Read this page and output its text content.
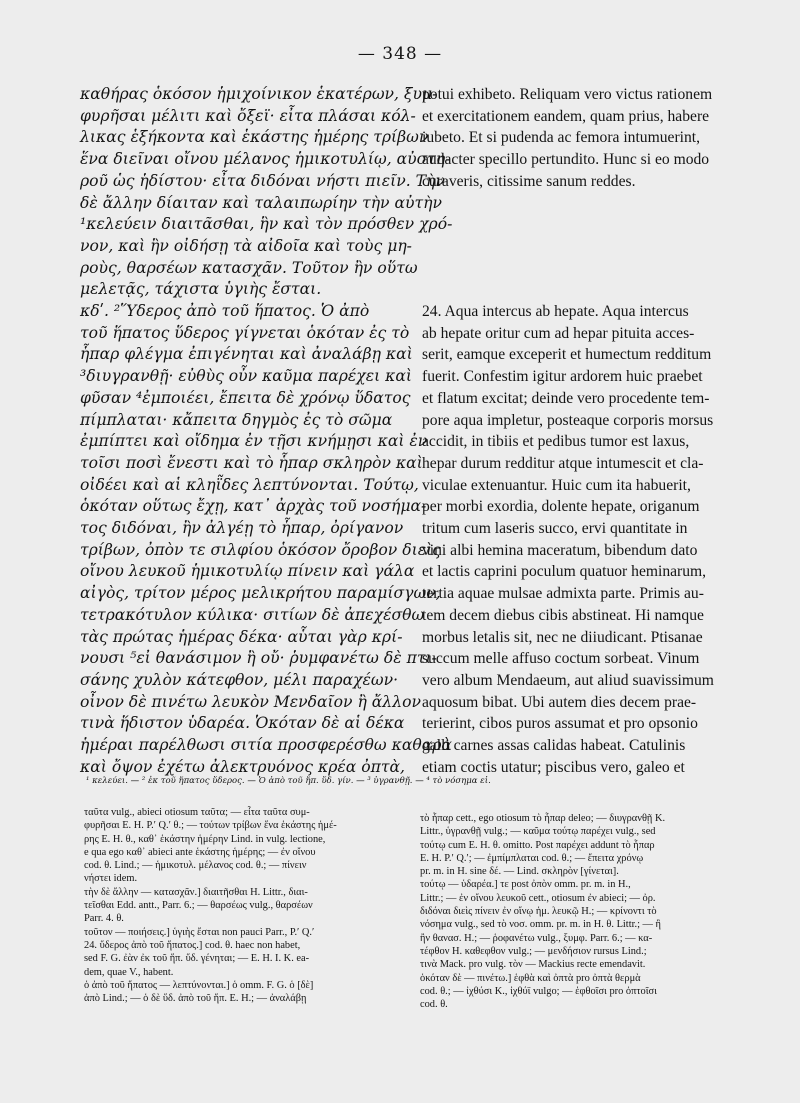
— 348 —
καθήρας ὁκόσον ἡμιχοίνικον ἑκατέρων, ξυμ-
φυρῆσαι μέλιτι καὶ ὄξεϊ· εἶτα πλάσαι κόλ-
λικας ἑξήκοντα καὶ ἑκάστης ἡμέρης τρίβων
ἕνα διεῖναι οἴνου μέλανος ἡμικοτυλίῳ, αὐστη-
ροῦ ὡς ἡδίστου· εἶτα διδόναι νήστι πιεῖν. Τὴν
δὲ ἄλλην δίαιταν καὶ ταλαιπωρίην τὴν αὐτὴν
¹κελεύειν διαιτᾶσθαι, ἣν καὶ τὸν πρόσθεν χρό-
νον, καὶ ἢν οἰδήσῃ τὰ αἰδοῖα καὶ τοὺς μη-
ροὺς, θαρσέων κατασχᾶν. Τοῦτον ἢν οὕτω
μελετᾷς, τάχιστα ὑγιὴς ἔσται.
κδʹ. ²Ὕδερος ἀπὸ τοῦ ἥπατος. Ὁ ἀπὸ
τοῦ ἥπατος ὕδερος γίγνεται ὁκόταν ἐς τὸ
ἧπαρ φλέγμα ἐπιγένηται καὶ ἀναλάβῃ καὶ
³διυγρανθῇ· εὐθὺς οὖν καῦμα παρέχει καὶ
φῦσαν ⁴ἐμποιέει, ἔπειτα δὲ χρόνῳ ὕδατος
πίμπλαται· κἄπειτα δηγμὸς ἐς τὸ σῶμα
ἐμπίπτει καὶ οἴδημα ἐν τῇσι κνήμῃσι καὶ ἐν
τοῖσι ποσὶ ἔνεστι καὶ τὸ ἧπαρ σκληρὸν καὶ
οἰδέει καὶ αἱ κληῗδες λεπτύνονται. Τούτῳ,
ὁκόταν οὕτως ἔχῃ, κατ᾽ ἀρχὰς τοῦ νοσήμα-
τος διδόναι, ἢν ἀλγέῃ τὸ ἧπαρ, ὀρίγανον
τρίβων, ὀπὸν τε σιλφίου ὁκόσον ὄροβον διεὶς
οἴνου λευκοῦ ἡμικοτυλίῳ πίνειν καὶ γάλα
αἰγὸς, τρίτον μέρος μελικρήτου παραμίσγων,
τετρακότυλον κύλικα· σιτίων δὲ ἀπεχέσθω
τὰς πρώτας ἡμέρας δέκα· αὗται γὰρ κρί-
νουσι ⁵εἰ θανάσιμον ἢ οὔ· ῥυμφανέτω δὲ πτι-
σάνης χυλὸν κάτεφθον, μέλι παραχέων·
οἶνον δὲ πινέτω λευκὸν Μενδαῖον ἢ ἄλλον
τινὰ ἥδιστον ὑδαρέα. Ὁκόταν δὲ αἱ δέκα
ἡμέραι παρέλθωσι σιτία προσφερέσθω καθαρὰ
καὶ ὄψον ἐχέτω ἀλεκτρυόνος κρέα ὀπτὰ,
potui exhibeto. Reliquam vero victus rationem
et exercitationem eandem, quam prius, habere
iubeto. Et si pudenda ac femora intumuerint,
audacter specillo pertundito. Hunc si eo modo
curaveris, citissime sanum reddes.

24. Aqua intercus ab hepate. Aqua intercus
ab hepate oritur cum ad hepar pituita acces-
serit, eamque exceperit et humectum redditum
fuerit. Confestim igitur ardorem huic praebet
et flatum excitat; deinde vero procedente tem-
pore aqua impletur, posteaque corporis morsus
accidit, in tibiis et pedibus tumor est laxus,
hepar durum redditur atque intumescit et cla-
viculae extenuantur. Huic cum ita habuerit,
per morbi exordia, dolente hepate, origanum
tritum cum laseris succo, ervi quantitate in
vini albi hemina maceratum, bibendum dato
et lactis caprini poculum quatuor heminarum,
tertia aquae mulsae admixta parte. Primis au-
tem decem diebus cibis abstineat. Hi namque
morbus letalis sit, nec ne diiudicant. Ptisanae
succum melle affuso coctum sorbeat. Vinum
vero album Mendaeum, aut aliud suavissimum
aquosum bibat. Ubi autem dies decem prae-
terierint, cibos puros assumat et pro opsonio
galli carnes assas calidas habeat. Catulinis
etiam coctis utatur; piscibus vero, galeo et
¹ κελεύει. — ² ἐκ τοῦ ἥπατος ὕδερος. — Ὁ ἀπὸ τοῦ ἥπ. ὕδ. γίν. — ³ ὑγρανθῇ. — ⁴ τὸ νόσημα εἰ.
ταῦτα vulg., abieci otiosum ταῦτα; — εἶτα ταῦτα συμ-
φυρῆσαι E. H. P.ʹ Q.ʹ θ.; — τούτων τρίβων ἕνα ἑκάστης ἡμέ-
ρης E. H. θ., καθ᾽ ἑκάστην ἡμέρην Lind. in vulg. lectione,
e qua ego καθ᾽ abieci ante ἑκάστης ἡμέρης; — ἐν οἴνου
cod. θ. Lind.; — ἡμικοτυλ. μέλανος cod. θ.; — πίνειν
νήστει idem.
τὴν δὲ ἄλλην — κατασχᾶν.] διαιτῆσθαι H. Littr., διαι-
τεῖσθαι Edd. antt., Parr. 6.; — θαρσέως vulg., θαρσέων
Parr. 4. θ.
τοῦτον — ποιήσεις.] ὑγιὴς ἔσται non pauci Parr., P.ʹ Q.ʹ
24. ὕδερος ἀπὸ τοῦ ἥπατος.] cod. θ. haec non habet,
sed F. G. ἐὰν ἐκ τοῦ ἥπ. ὕδ. γένηται; — E. H. I. K. ea-
dem, quae V., habent.
ὁ ἀπὸ τοῦ ἥπατος — λεπτύνονται.] ὁ omm. F. G. ὁ [δὲ]
ἀπὸ Lind.; — ὁ δὲ ὕδ. ἀπὸ τοῦ ἥπ. E. H.; — ἀναλάβῃ
τὸ ἧπαρ cett., ego otiosum τὸ ἧπαρ deleo; — διυγρανθῇ K.
Littr., ὑγρανθῇ vulg.; — καῦμα τούτῳ παρέχει vulg., sed
τούτῳ cum E. H. θ. omitto. Post παρέχει addunt τὸ ἧπαρ
E. H. P.ʹ Q.ʹ; — ἐμπίμπλαται cod. θ.; — ἔπειτα χρόνῳ
pr. m. in H. sine δέ. — Lind. σκληρὸν [γίνεται].
τούτῳ — ὑδαρέα.] τε post ὀπὸν omm. pr. m. in H.,
Littr.; — ἐν οἴνου λευκοῦ cett., otiosum ἐν abieci; — ὀρ.
διδόναι διεὶς πίνειν ἐν οἴνῳ ἡμ. λευκῷ H.; — κρίνοντι τὸ
νόσημα vulg., sed τὸ νοσ. omm. pr. m. in H. θ. Littr.; — ἢ
ἢν θανασ. H.; — ῥοφανέτω vulg., ξυμφ. Parr. 6.; — κα-
τέφθον H. καθεφθον vulg.; — μενδήσιον rursus Lind.;
τινὰ Mack. pro vulg. τὸν — Mackius recte emendavit.
ὁκόταν δὲ — πινέτω.] ἑφθὰ καὶ ὀπτὰ pro ὀπτὰ θερμὰ
cod. θ.; — ἰχθύσι K., ἰχθύϊ vulgo; — ἑφθοῖσι pro ὀπτοῖσι
cod. θ.
